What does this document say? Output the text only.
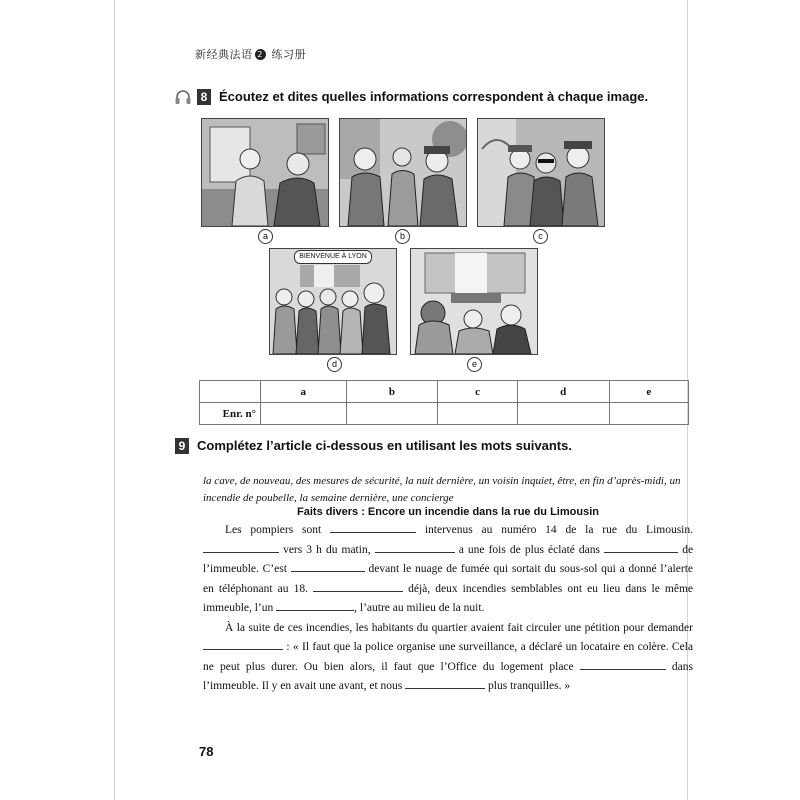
新经典法语 2 练习册
8 Écoutez et dites quelles informations correspondent à chaque image.
a	b	c
BIENVENUE À LYON
d	e
	a	b	c	d	e
Enr. n°					
9 Complétez l’article ci-dessous en utilisant les mots suivants.
la cave, de nouveau, des mesures de sécurité, la nuit dernière, un voisin inquiet, être, en fin d’après-midi, un incendie de poubelle, la semaine dernière, une concierge
Faits divers : Encore un incendie dans la rue du Limousin

Les pompiers sont	intervenus au numéro 14 de la rue du Limousin.  vers 3 h du matin,	a une fois de plus éclaté dans	de l’immeuble. C’est	devant le nuage de fumée qui sortait du sous-sol qui a donné l’alerte en téléphonant au 18.	déjà, deux incendies semblables ont eu lieu dans le même immeuble, l’un	, l’autre au milieu de la nuit.

À la suite de ces incendies, les habitants du quartier avaient fait circuler une pétition pour demander  : « Il faut que la police organise une surveillance, a déclaré un locataire en colère. Cela ne peut plus durer. Ou bien alors, il faut que l’Office du logement place	dans l’immeuble. Il y en avait une avant, et nous	plus tranquilles. »

78
